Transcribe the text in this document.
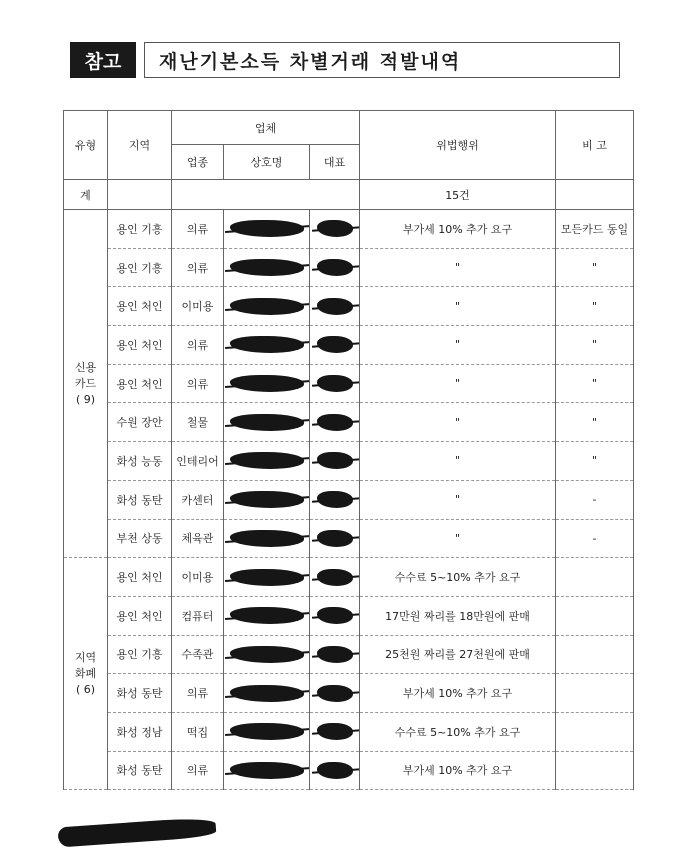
참고	재난기본소득 차별거래 적발내역
유형	지역	업체			위법행위	비 고
		업종	상호명	대표		
계					15건	

신용
카드
( 9)	용인 기흥	의류			부가세 10% 추가 요구	모든카드 동일
	용인 기흥	의류			"	"
	용인 처인	이미용			"	"
	용인 처인	의류			"	"
	용인 처인	의류			"	"
	수원 장안	철물			"	"
	화성 능동	인테리어			"	"
	화성 동탄	카센터			"	-
	부천 상동	체육관			"	-

지역
화폐
( 6)	용인 처인	이미용			수수료 5~10% 추가 요구	
	용인 처인	컴퓨터			17만원 짜리를 18만원에 판매	
	용인 기흥	수족관			25천원 짜리를 27천원에 판매	
	화성 동탄	의류			부가세 10% 추가 요구	
	화성 정남	떡집			수수료 5~10% 추가 요구	
	화성 동탄	의류			부가세 10% 추가 요구	
